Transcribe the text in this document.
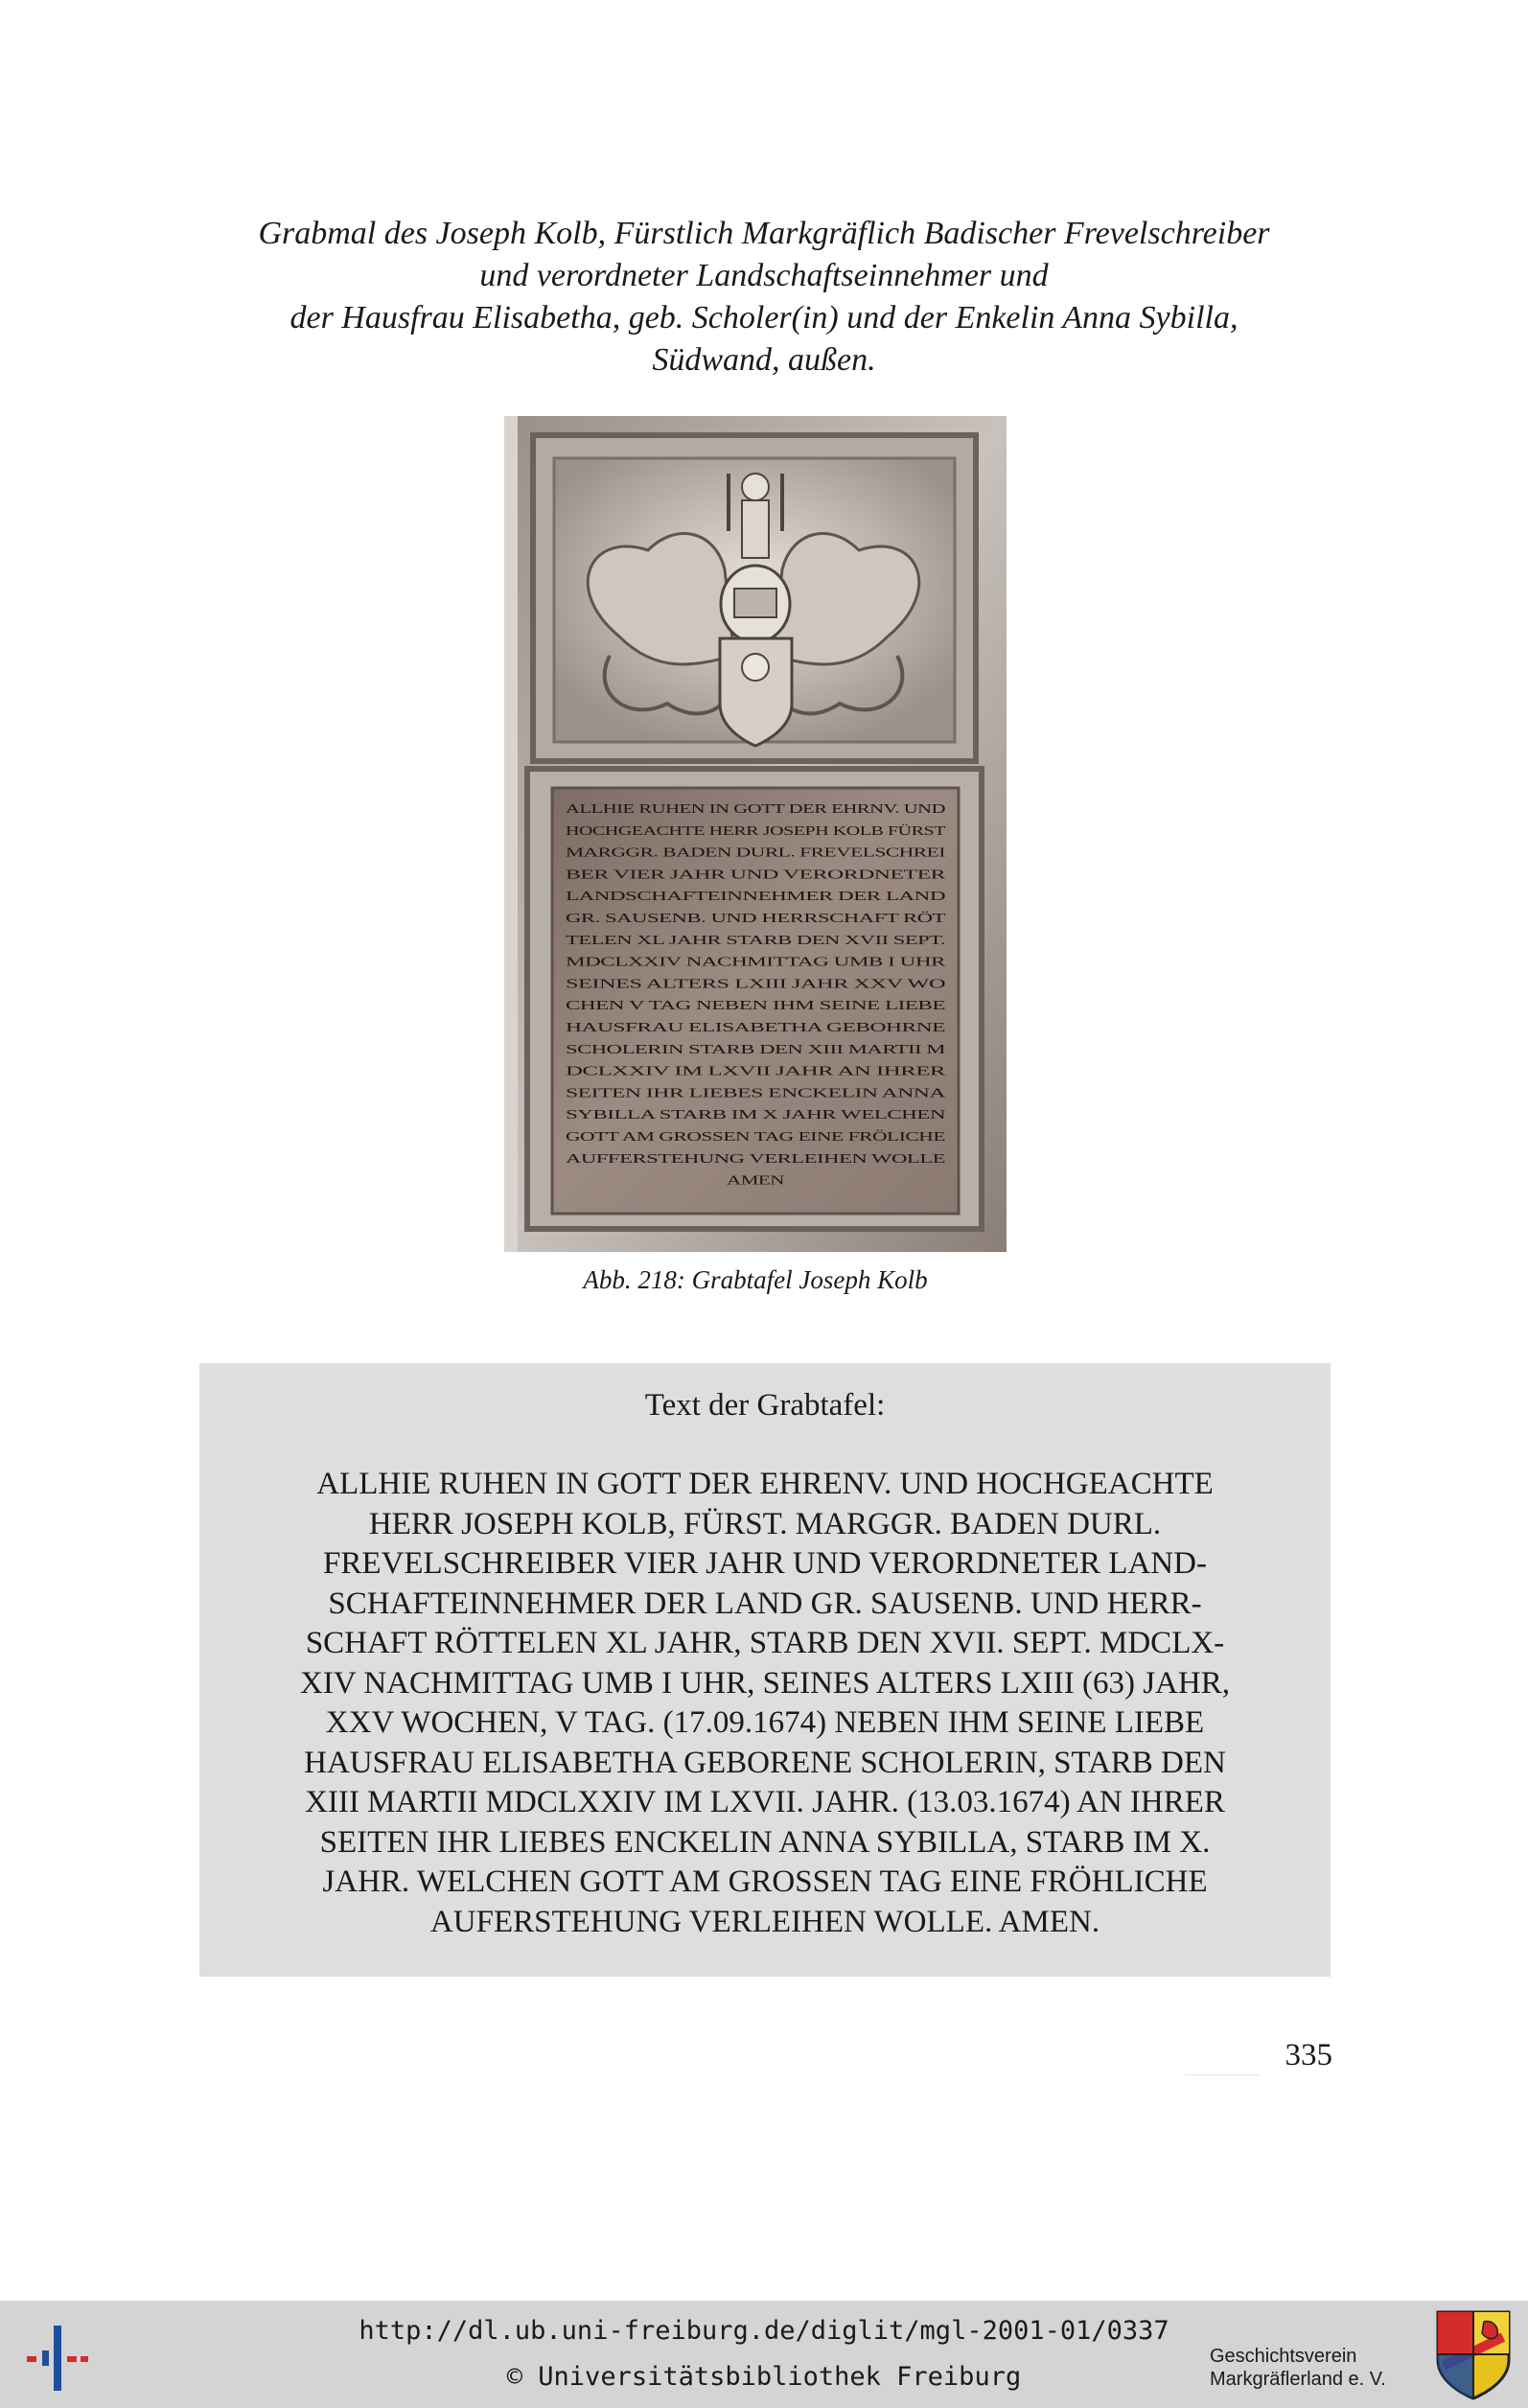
Grabmal des Joseph Kolb, Fürstlich Markgräflich Badischer Frevelschreiber
und verordneter Landschaftseinnehmer und
der Hausfrau Elisabetha, geb. Scholer(in) und der Enkelin Anna Sybilla,
Südwand, außen.
ALLHIE RUHEN IN GOTT DER EHRNV. UND
HOCHGEACHTE HERR JOSEPH KOLB FÜRST
MARGGR. BADEN DURL. FREVELSCHREI
BER VIER JAHR UND VERORDNETER
LANDSCHAFTEINNEHMER DER LAND
GR. SAUSENB. UND HERRSCHAFT RÖT
TELEN XL JAHR STARB DEN XVII SEPT.
MDCLXXIV NACHMITTAG UMB I UHR
SEINES ALTERS LXIII JAHR XXV WO
CHEN V TAG NEBEN IHM SEINE LIEBE
HAUSFRAU ELISABETHA GEBOHRNE
SCHOLERIN STARB DEN XIII MARTII M
DCLXXIV IM LXVII JAHR AN IHRER
SEITEN IHR LIEBES ENCKELIN ANNA
SYBILLA STARB IM X JAHR WELCHEN
GOTT AM GROSSEN TAG EINE FRÖLICHE
AUFFERSTEHUNG VERLEIHEN WOLLE
AMEN
Abb. 218: Grabtafel Joseph Kolb
Text der Grabtafel:
ALLHIE RUHEN IN GOTT DER EHRENV. UND HOCHGEACHTE
HERR JOSEPH KOLB, FÜRST. MARGGR. BADEN DURL.
FREVELSCHREIBER VIER JAHR UND VERORDNETER LAND-
SCHAFTEINNEHMER DER LAND GR. SAUSENB. UND HERR-
SCHAFT RÖTTELEN XL JAHR, STARB DEN XVII. SEPT. MDCLX-
XIV NACHMITTAG UMB I UHR, SEINES ALTERS LXIII (63) JAHR,
XXV WOCHEN, V TAG. (17.09.1674) NEBEN IHM SEINE LIEBE
HAUSFRAU ELISABETHA GEBORENE SCHOLERIN, STARB DEN
XIII MARTII MDCLXXIV IM LXVII. JAHR. (13.03.1674) AN IHRER
SEITEN IHR LIEBES ENCKELIN ANNA SYBILLA, STARB IM X.
JAHR. WELCHEN GOTT AM GROSSEN TAG EINE FRÖHLICHE
AUFERSTEHUNG VERLEIHEN WOLLE. AMEN.
335
http://dl.ub.uni-freiburg.de/diglit/mgl-2001-01/0337
© Universitätsbibliothek Freiburg
Geschichtsverein
Markgräflerland e. V.
